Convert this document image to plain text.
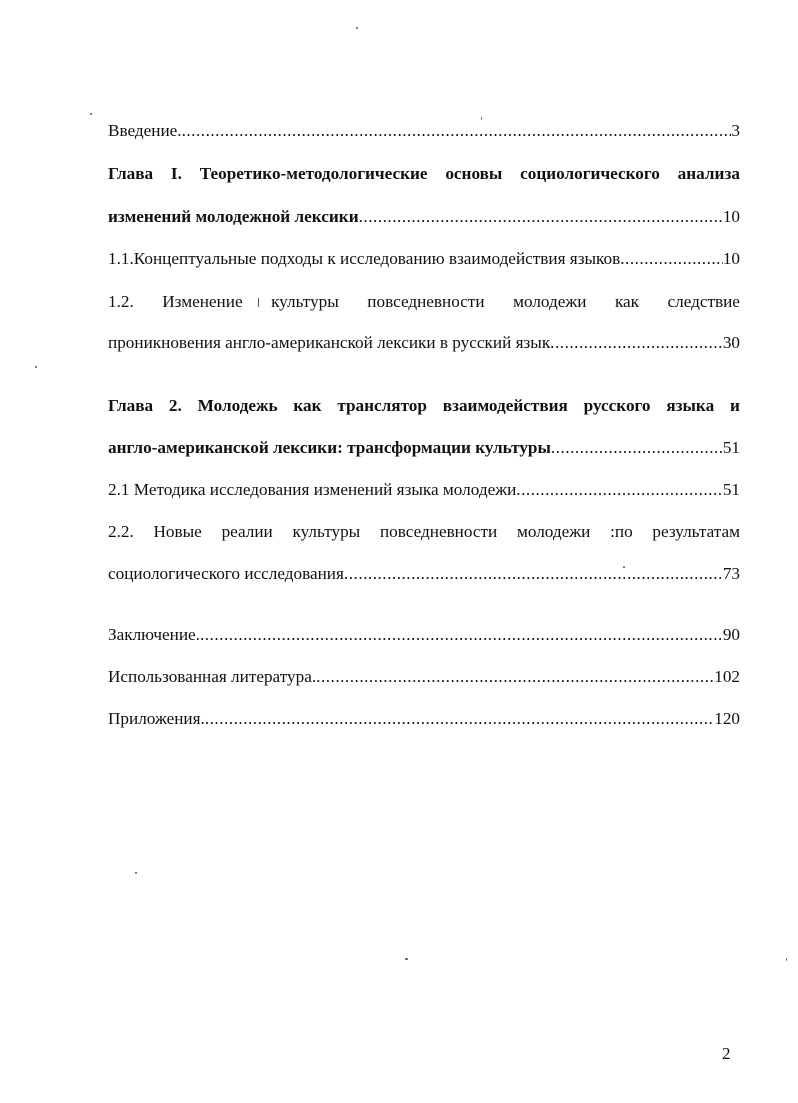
Введение. .....	3
Глава I. Теоретико-методологические основы социологического анализа
изменений молодежной лексики .....	10
1.1.Концептуальные подходы к исследованию взаимодействия языков .....	10
1.2. Изменение культуры повседневности молодежи как следствие
проникновения англо-американской лексики в русский язык .....	30
Глава 2. Молодежь как транслятор взаимодействия русского языка и
англо-американской лексики: трансформации культуры .....	51
2.1 Методика исследования изменений языка молодежи .....	51
2.2. Новые реалии культуры повседневности молодежи :по результатам
социологического исследования .....	73
Заключение. .....	90
Использованная литература. .....	102
Приложения. .....	120
2
